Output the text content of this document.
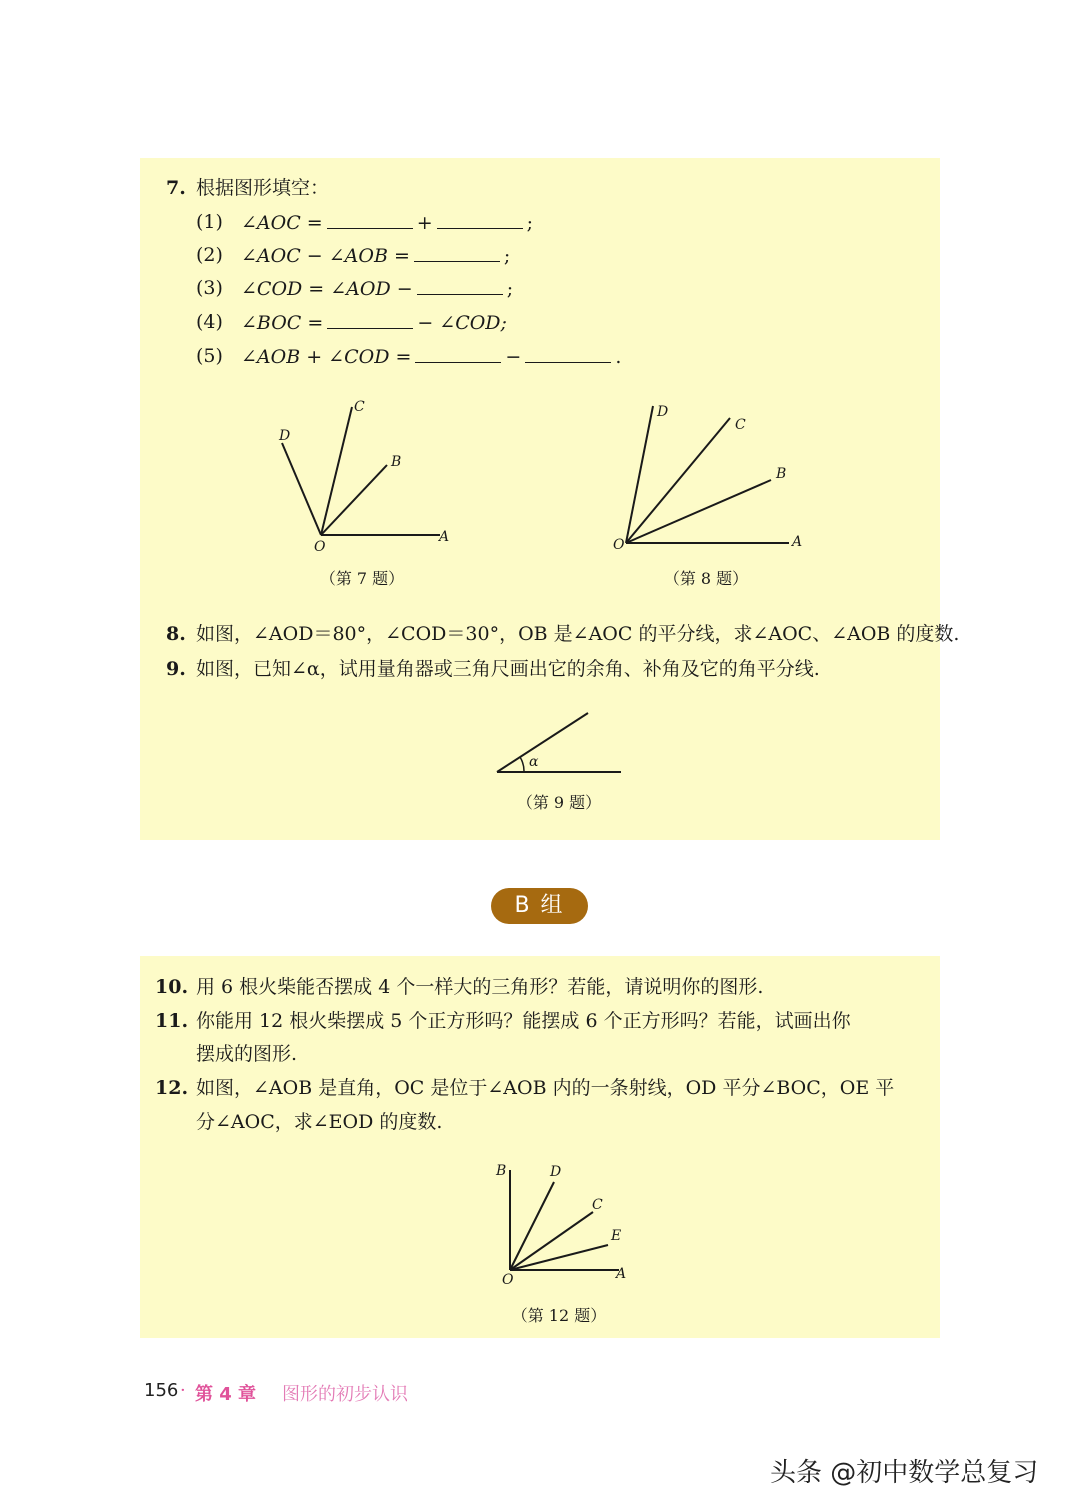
7. 根据图形填空：
(1) ∠AOC =	+	;
(2) ∠AOC − ∠AOB =	;
(3) ∠COD = ∠AOD −	;
(4) ∠BOC =	− ∠COD;
(5) ∠AOB + ∠COD =	−	.
O
A
B
C
D
（第 7 题）
O	A
B
C
D
（第 8 题）
8. 如图，∠AOD＝80°，∠COD＝30°，OB 是∠AOC 的平分线，求∠AOC、∠AOB 的度数.
9. 如图，已知∠α，试用量角器或三角尺画出它的余角、补角及它的角平分线.
α
（第 9 题）
B 组
10. 用 6 根火柴能否摆成 4 个一样大的三角形？若能，请说明你的图形.
11. 你能用 12 根火柴摆成 5 个正方形吗？能摆成 6 个正方形吗？若能，试画出你
摆成的图形.
12. 如图，∠AOB 是直角，OC 是位于∠AOB 内的一条射线，OD 平分∠BOC，OE 平
分∠AOC，求∠EOD 的度数.
O	A
B
C
D
E
（第 12 题）
156 · 第 4 章 图形的初步认识
头条 @初中数学总复习
